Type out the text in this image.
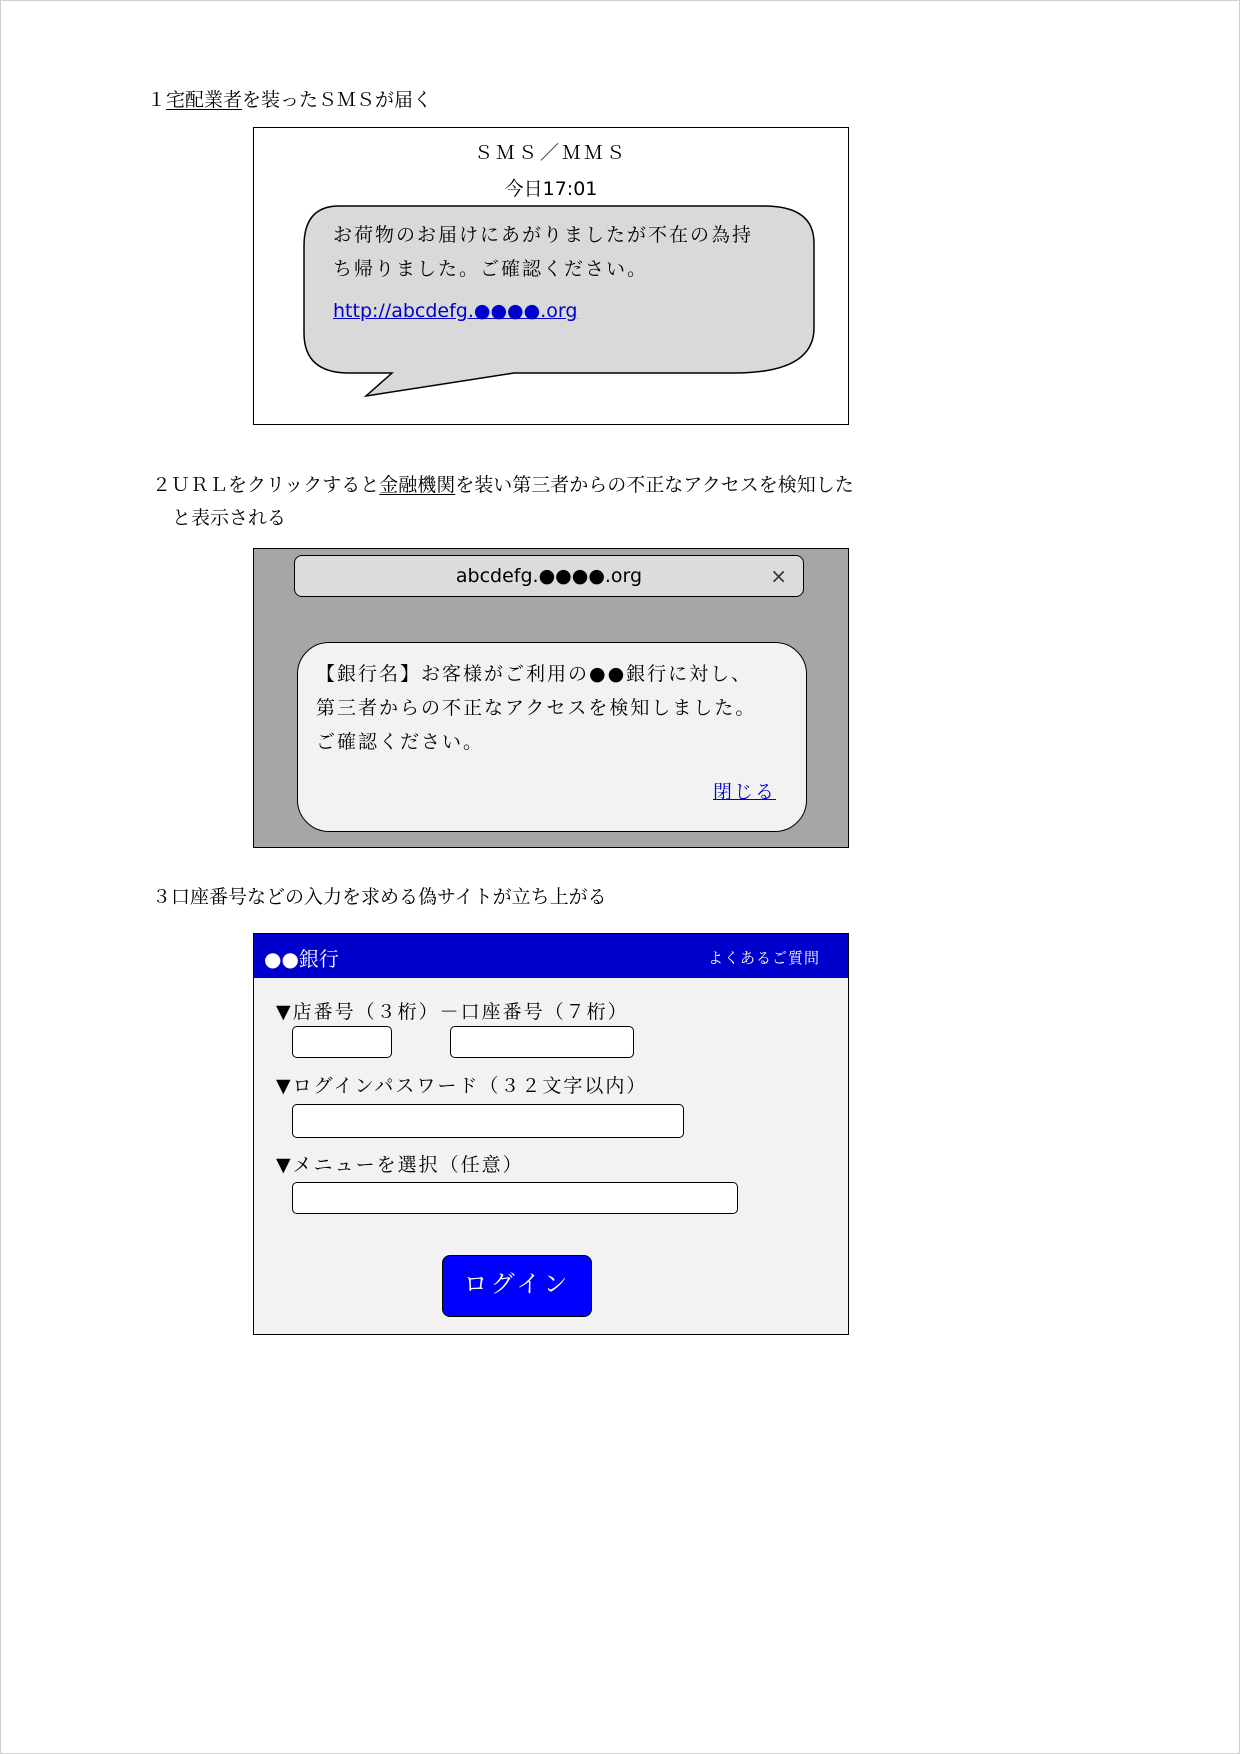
１宅配業者を装ったＳＭＳが届く
ＳＭＳ／ＭＭＳ
今日17:01
お荷物のお届けにあがりましたが不在の為持
ち帰りました。ご確認ください。
http://abcdefg.●●●●.org
２ＵＲＬをクリックすると金融機関を装い第三者からの不正なアクセスを検知した
と表示される
abcdefg.●●●●.org	×
【銀行名】お客様がご利用の●●銀行に対し、
第三者からの不正なアクセスを検知しました。
ご確認ください。
閉じる
３口座番号などの入力を求める偽サイトが立ち上がる
●●銀行	よくあるご質問
▼店番号（３桁）－口座番号（７桁）
▼ログインパスワード（３２文字以内）
▼メニューを選択（任意）
ログイン
